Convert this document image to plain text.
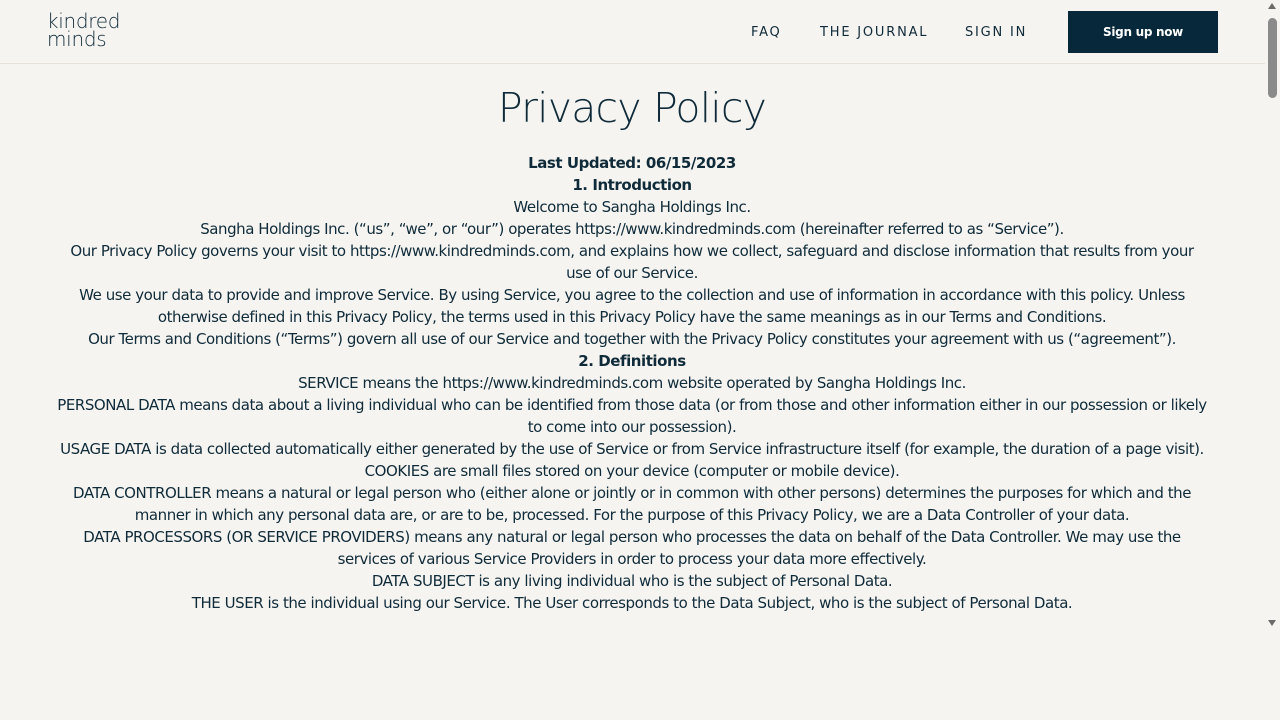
kindred
minds	FAQ	THE JOURNAL	SIGN IN	Sign up now
Privacy Policy

Last Updated: 06/15/2023

1. Introduction

Welcome to Sangha Holdings Inc.

Sangha Holdings Inc. (“us”, “we”, or “our”) operates https://www.kindredminds.com (hereinafter referred to as “Service”).

Our Privacy Policy governs your visit to https://www.kindredminds.com, and explains how we collect, safeguard and disclose information that results from your use of our Service.

We use your data to provide and improve Service. By using Service, you agree to the collection and use of information in accordance with this policy. Unless otherwise defined in this Privacy Policy, the terms used in this Privacy Policy have the same meanings as in our Terms and Conditions.

Our Terms and Conditions (“Terms”) govern all use of our Service and together with the Privacy Policy constitutes your agreement with us (“agreement”).

2. Definitions

SERVICE means the https://www.kindredminds.com website operated by Sangha Holdings Inc.

PERSONAL DATA means data about a living individual who can be identified from those data (or from those and other information either in our possession or likely to come into our possession).

USAGE DATA is data collected automatically either generated by the use of Service or from Service infrastructure itself (for example, the duration of a page visit).

COOKIES are small files stored on your device (computer or mobile device).

DATA CONTROLLER means a natural or legal person who (either alone or jointly or in common with other persons) determines the purposes for which and the manner in which any personal data are, or are to be, processed. For the purpose of this Privacy Policy, we are a Data Controller of your data.

DATA PROCESSORS (OR SERVICE PROVIDERS) means any natural or legal person who processes the data on behalf of the Data Controller. We may use the services of various Service Providers in order to process your data more effectively.

DATA SUBJECT is any living individual who is the subject of Personal Data.

THE USER is the individual using our Service. The User corresponds to the Data Subject, who is the subject of Personal Data.
